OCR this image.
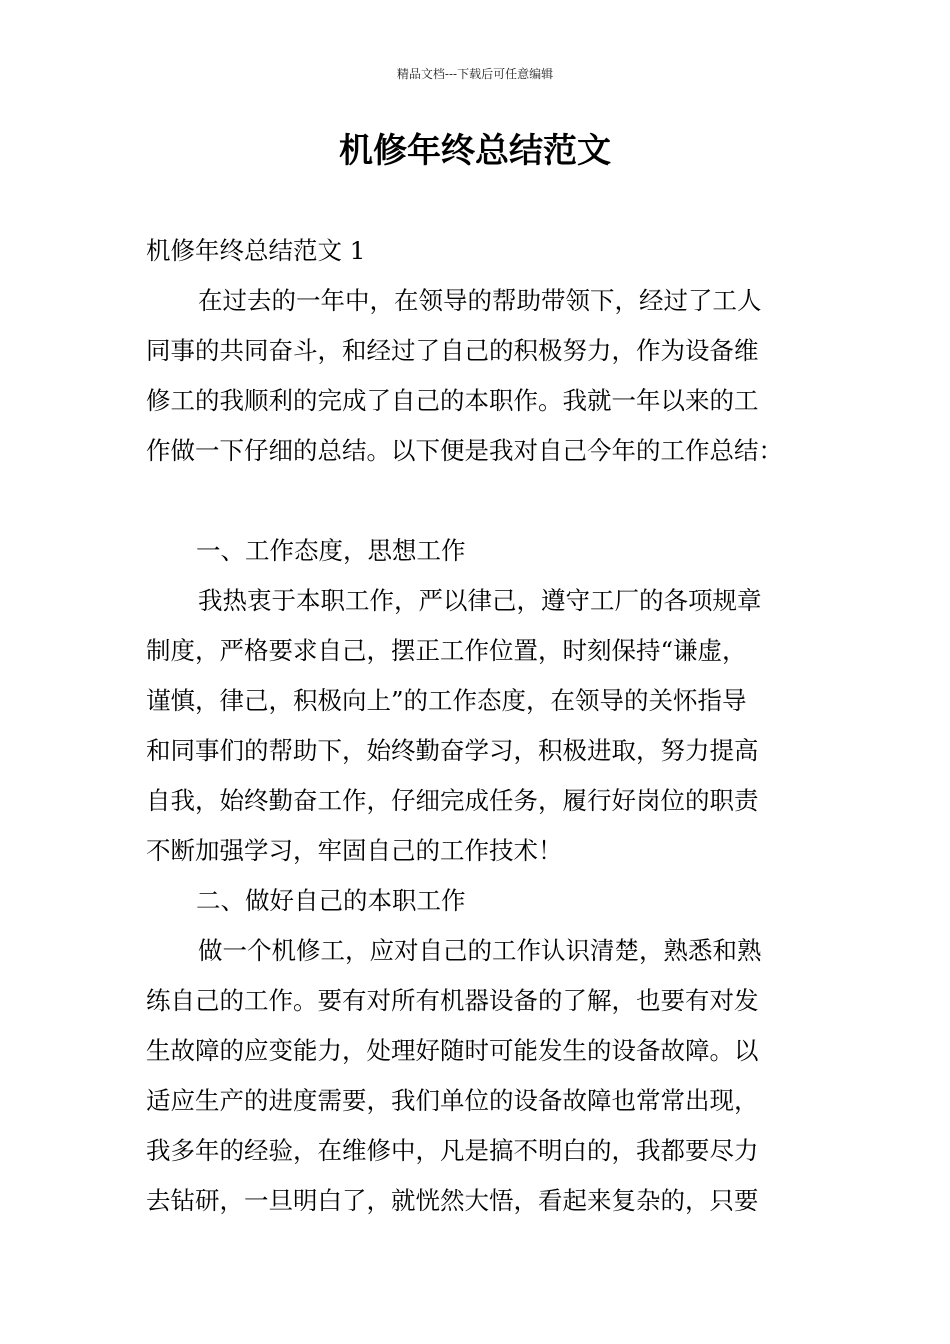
精品文档---下载后可任意编辑
机修年终总结范文

机修年终总结范文 1

在过去的一年中，在领导的帮助带领下，经过了工人

同事的共同奋斗，和经过了自己的积极努力，作为设备维

修工的我顺利的完成了自己的本职作。我就一年以来的工

作做一下仔细的总结。以下便是我对自己今年的工作总结：

一、工作态度，思想工作

我热衷于本职工作，严以律己，遵守工厂的各项规章

制度，严格要求自己，摆正工作位置，时刻保持“谦虚，

谨慎，律己，积极向上”的工作态度，在领导的关怀指导

和同事们的帮助下，始终勤奋学习，积极进取，努力提高

自我，始终勤奋工作，仔细完成任务，履行好岗位的职责

不断加强学习，牢固自己的工作技术！

二、做好自己的本职工作

做一个机修工，应对自己的工作认识清楚，熟悉和熟

练自己的工作。要有对所有机器设备的了解，也要有对发

生故障的应变能力，处理好随时可能发生的设备故障。以

适应生产的进度需要，我们单位的设备故障也常常出现，

我多年的经验，在维修中，凡是搞不明白的，我都要尽力

去钻研，一旦明白了，就恍然大悟，看起来复杂的，只要
